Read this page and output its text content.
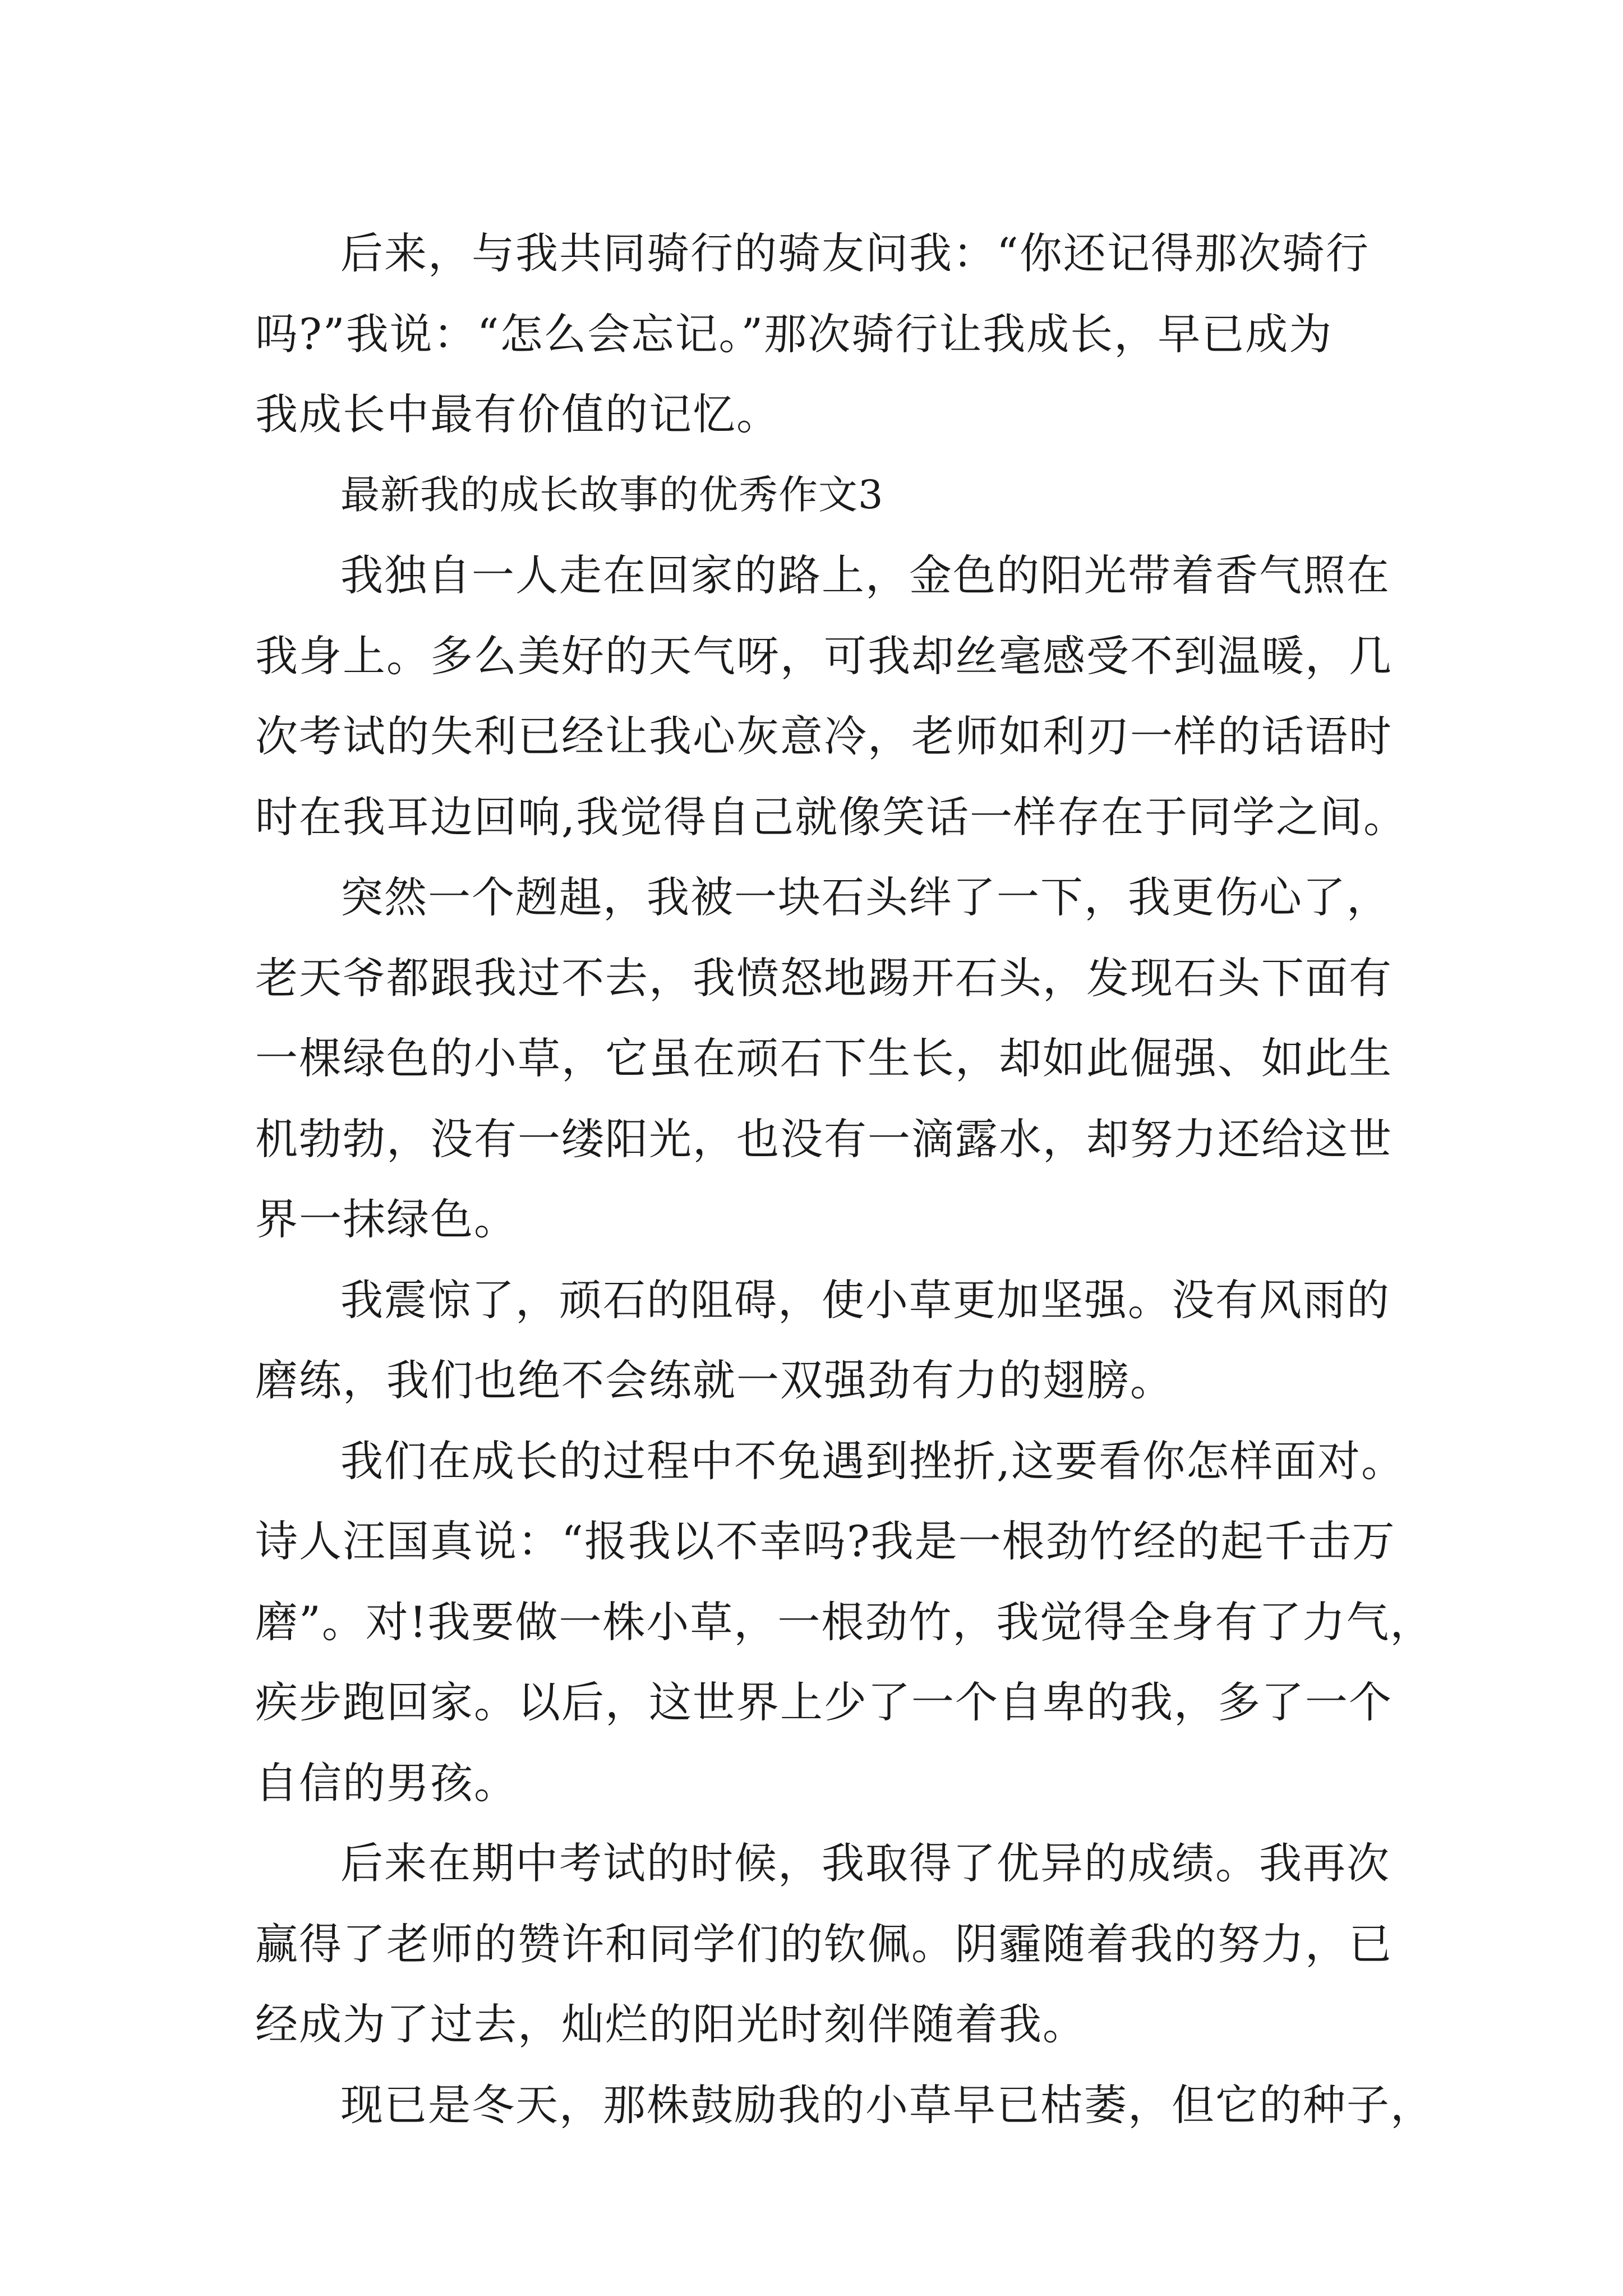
后来，与我共同骑行的骑友问我：“你还记得那次骑行
吗?”我说：“怎么会忘记。”那次骑行让我成长，早已成为
我成长中最有价值的记忆。
最新我的成长故事的优秀作文3
我独自一人走在回家的路上，金色的阳光带着香气照在
我身上。多么美好的天气呀，可我却丝毫感受不到温暖，几
次考试的失利已经让我心灰意冷，老师如利刃一样的话语时
时在我耳边回响,我觉得自己就像笑话一样存在于同学之间。
突然一个趔趄，我被一块石头绊了一下，我更伤心了，
老天爷都跟我过不去，我愤怒地踢开石头，发现石头下面有
一棵绿色的小草，它虽在顽石下生长，却如此倔强、如此生
机勃勃，没有一缕阳光，也没有一滴露水，却努力还给这世
界一抹绿色。
我震惊了，顽石的阻碍，使小草更加坚强。没有风雨的
磨练，我们也绝不会练就一双强劲有力的翅膀。
我们在成长的过程中不免遇到挫折,这要看你怎样面对。
诗人汪国真说：“报我以不幸吗?我是一根劲竹经的起千击万
磨”。对!我要做一株小草，一根劲竹，我觉得全身有了力气，
疾步跑回家。以后，这世界上少了一个自卑的我，多了一个
自信的男孩。
后来在期中考试的时候，我取得了优异的成绩。我再次
赢得了老师的赞许和同学们的钦佩。阴霾随着我的努力，已
经成为了过去，灿烂的阳光时刻伴随着我。
现已是冬天，那株鼓励我的小草早已枯萎，但它的种子，
